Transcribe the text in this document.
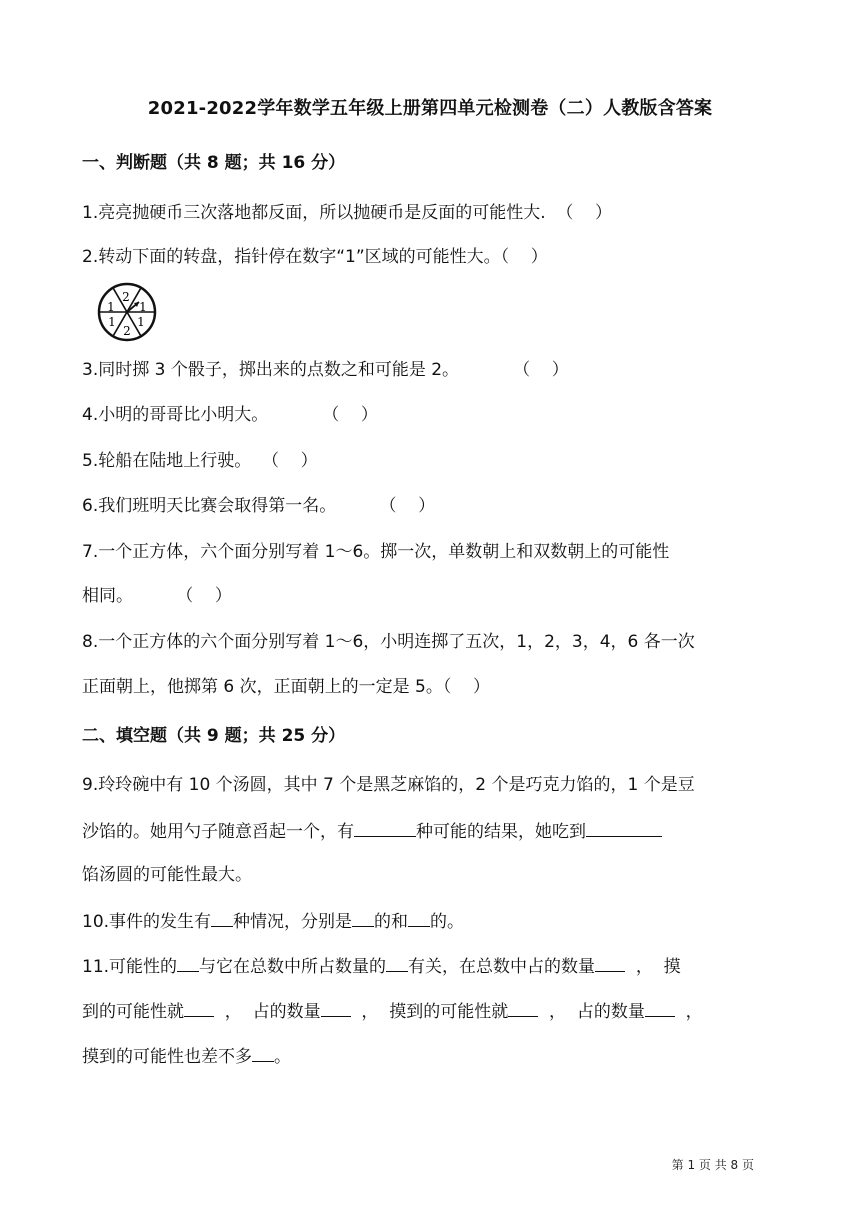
2021-2022学年数学五年级上册第四单元检测卷（二）人教版含答案
一、判断题（共 8 题；共 16 分）
1.亮亮抛硬币三次落地都反面，所以抛硬币是反面的可能性大.  （    ）
2.转动下面的转盘，指针停在数字“1”区域的可能性大。（    ）
2
1
1
2
1
1
3.同时掷 3 个骰子，掷出来的点数之和可能是 2。          （    ）
4.小明的哥哥比小明大。          （    ）
5.轮船在陆地上行驶。  （    ）
6.我们班明天比赛会取得第一名。        （    ）
7.一个正方体，六个面分别写着 1～6。掷一次，单数朝上和双数朝上的可能性
相同。        （    ）
8.一个正方体的六个面分别写着 1～6，小明连掷了五次，1，2，3，4，6 各一次
正面朝上，他掷第 6 次，正面朝上的一定是 5。（    ）
二、填空题（共 9 题；共 25 分）
9.玲玲碗中有 10 个汤圆，其中 7 个是黑芝麻馅的，2 个是巧克力馅的，1 个是豆
沙馅的。她用勺子随意舀起一个，有	种可能的结果，她吃到
馅汤圆的可能性最大。
10.事件的发生有 种情况，分别是 的和 的。
11.可能性的 与它在总数中所占数量的 有关，在总数中占的数量  ，  摸
到的可能性就  ，  占的数量  ，  摸到的可能性就  ，  占的数量  ，
摸到的可能性也差不多 。
第 1 页 共 8 页
